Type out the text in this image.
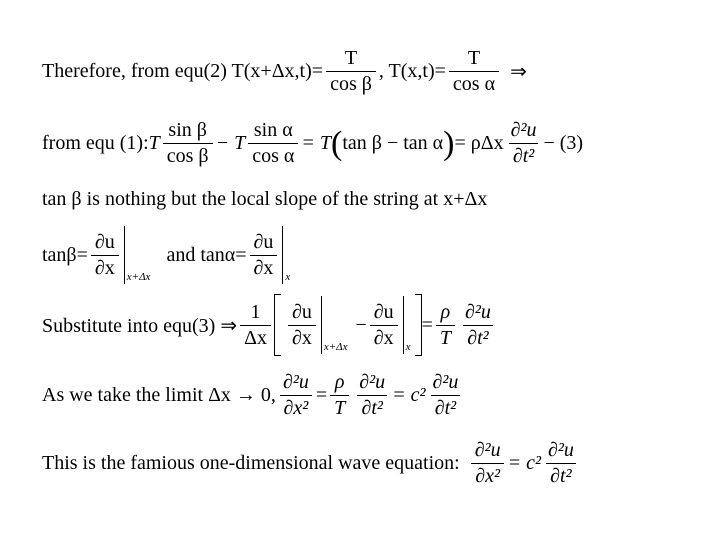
Therefore, from equ(2) $T(x+\Delta x,t)= \frac{T}{\text{cos β}}$ , $T(x,t)= \frac{T}{\text{cos α}}$ ⇒
from equ (1): T $\frac{\text{sin β}}{\text{cos β}} - T \frac{\text{sin α}}{\text{cos α}} = T$ ( tan β − tan α ) = ρΔx $\frac{\text{∂²u}}{\text{∂t²}} - (3)$
tan β is nothing but the local slope of the string at x+Δx
$\tan\beta= \frac{\partial u}{\partial x} _{x+\Delta x}$
and $\tan\alpha= \frac{\partial u}{\partial x} _x$
Substitute into equ(3) ⇒ $\frac{1}{\Delta x} \frac{\partial u}{\partial x} _{x+\Delta x}$
− $\frac{\partial u}{\partial x} _x$
= $\frac{\rho}{T} \frac{\text{∂²u}}{\text{∂t²}}$
As we take the limit Δx → 0, $\frac{\text{∂²u}}{\text{∂x²}} = \frac{\rho}{T} \frac{\text{∂²u}}{\text{∂t²}} = c^2 \frac{\text{∂²u}}{\text{∂t²}}$
This is the famious one-dimensional wave equation: $\frac{\text{∂²u}}{\text{∂x²}} = c^2 \frac{\text{∂²u}}{\text{∂t²}}$
